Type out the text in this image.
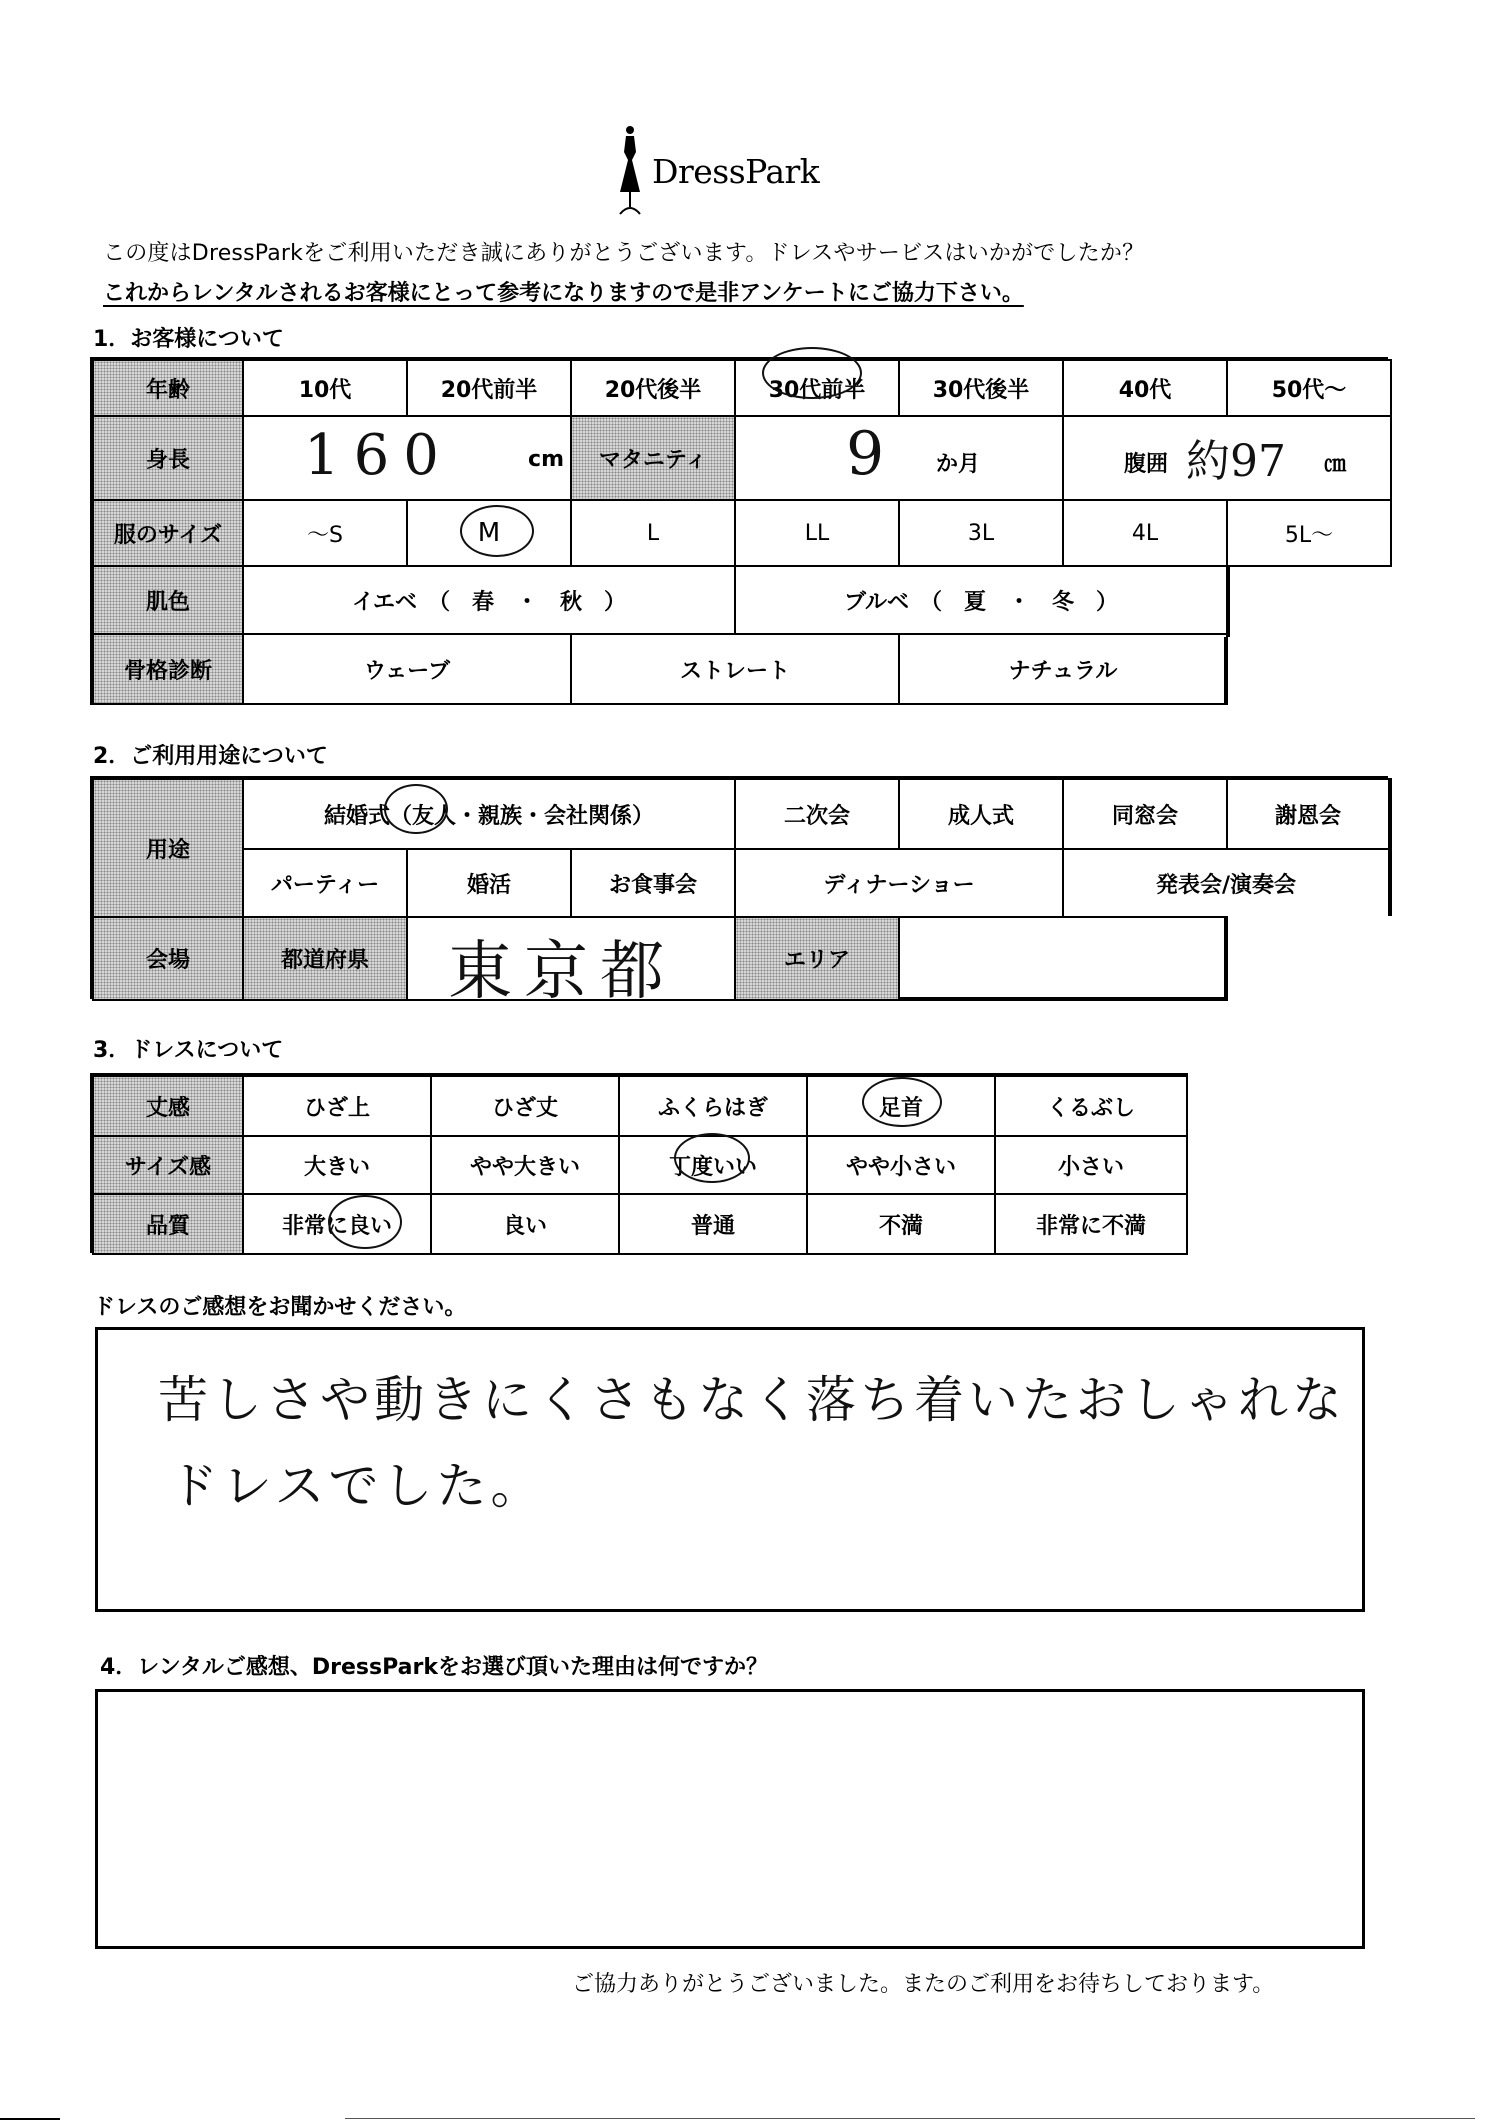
DressPark
この度はDressParkをご利用いただき誠にありがとうございます。ドレスやサービスはいかがでしたか？
これからレンタルされるお客様にとって参考になりますので是非アンケートにご協力下さい。
1．お客様について
年齢	10代	20代前半	20代後半	30代前半	30代後半	40代	50代～
身長	160	cm	マタニティ	9 か月	腹囲 約97 ㎝
服のサイズ	～S	M	L	LL	3L	4L	5L～
肌色	イエベ　（　春　・　秋　）	ブルベ　（　夏　・　冬　）
骨格診断	ウェーブ	ストレート	ナチュラル
2．ご利用用途について
用途
結婚式（友人・親族・会社関係）	二次会	成人式	同窓会	謝恩会
パーティー	婚活	お食事会	ディナーショー	発表会/演奏会
会場	都道府県	東京都	エリア
3．ドレスについて
丈感	ひざ上	ひざ丈	ふくらはぎ	足首	くるぶし
サイズ感	大きい	やや大きい	丁度いい	やや小さい	小さい
品質	非常に良い	良い	普通	不満	非常に不満
ドレスのご感想をお聞かせください。
苦しさや動きにくさもなく落ち着いたおしゃれな
ドレスでした。
4．レンタルご感想、DressParkをお選び頂いた理由は何ですか？
ご協力ありがとうございました。またのご利用をお待ちしております。
